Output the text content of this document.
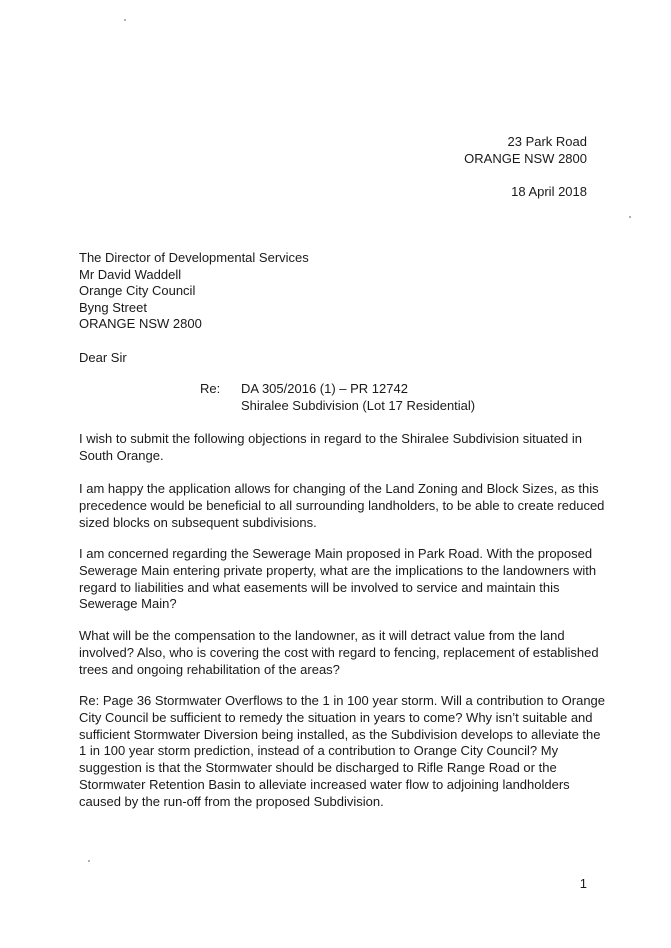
23 Park Road
ORANGE NSW 2800
18 April 2018
The Director of Developmental Services
Mr David Waddell
Orange City Council
Byng Street
ORANGE NSW 2800
Dear Sir
Re:	DA 305/2016 (1) – PR 12742
Shiralee Subdivision (Lot 17 Residential)
I wish to submit the following objections in regard to the Shiralee Subdivision situated in
South Orange.
I am happy the application allows for changing of the Land Zoning and Block Sizes, as this
precedence would be beneficial to all surrounding landholders, to be able to create reduced
sized blocks on subsequent subdivisions.
I am concerned regarding the Sewerage Main proposed in Park Road. With the proposed
Sewerage Main entering private property, what are the implications to the landowners with
regard to liabilities and what easements will be involved to service and maintain this
Sewerage Main?
What will be the compensation to the landowner, as it will detract value from the land
involved? Also, who is covering the cost with regard to fencing, replacement of established
trees and ongoing rehabilitation of the areas?
Re: Page 36 Stormwater Overflows to the 1 in 100 year storm. Will a contribution to Orange
City Council be sufficient to remedy the situation in years to come? Why isn’t suitable and
sufficient Stormwater Diversion being installed, as the Subdivision develops to alleviate the
1 in 100 year storm prediction, instead of a contribution to Orange City Council? My
suggestion is that the Stormwater should be discharged to Rifle Range Road or the
Stormwater Retention Basin to alleviate increased water flow to adjoining landholders
caused by the run-off from the proposed Subdivision.
1
